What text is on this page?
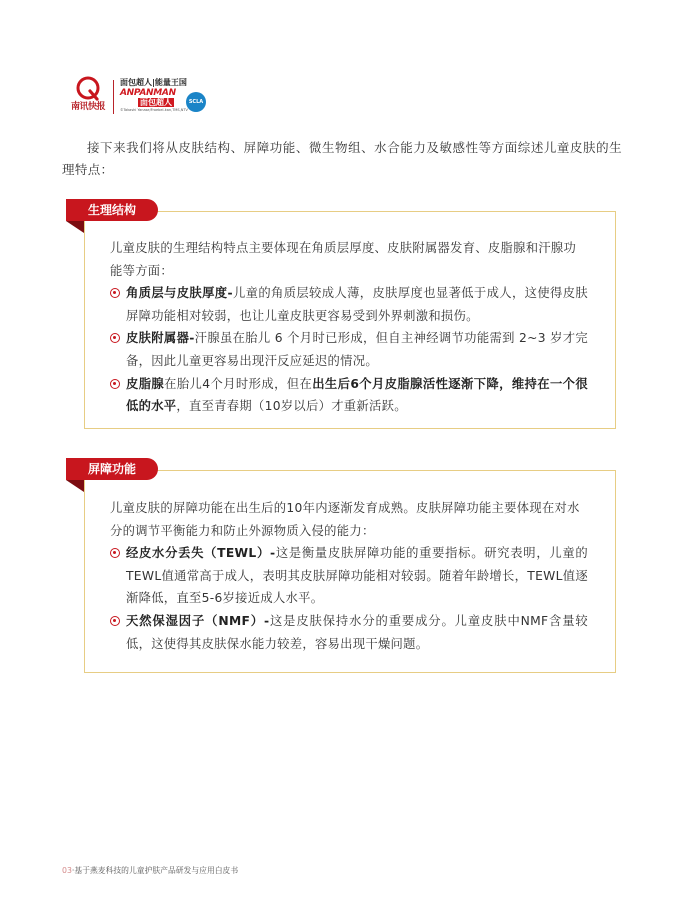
南讯快报
面包超人|能量王国
ANPANMAN
面包超人
©Takashi Yanase/Froebel-kan,TMS,NTV
SCLA

接下来我们将从皮肤结构、屏障功能、微生物组、水合能力及敏感性等方面综述儿童皮肤的生理特点：

生理结构

儿童皮肤的生理结构特点主要体现在角质层厚度、皮肤附属器发育、皮脂腺和汗腺功能等方面：

角质层与皮肤厚度-儿童的角质层较成人薄，皮肤厚度也显著低于成人，这使得皮肤屏障功能相对较弱，也让儿童皮肤更容易受到外界刺激和损伤。
皮肤附属器-汗腺虽在胎儿 6 个月时已形成，但自主神经调节功能需到 2~3 岁才完备，因此儿童更容易出现汗反应延迟的情况。
皮脂腺在胎儿4个月时形成，但在出生后6个月皮脂腺活性逐渐下降，维持在一个很低的水平，直至青春期（10岁以后）才重新活跃。
屏障功能

儿童皮肤的屏障功能在出生后的10年内逐渐发育成熟。皮肤屏障功能主要体现在对水分的调节平衡能力和防止外源物质入侵的能力：

经皮水分丢失（TEWL）-这是衡量皮肤屏障功能的重要指标。研究表明，儿童的TEWL值通常高于成人，表明其皮肤屏障功能相对较弱。随着年龄增长，TEWL值逐渐降低，直至5-6岁接近成人水平。
天然保湿因子（NMF）-这是皮肤保持水分的重要成分。儿童皮肤中NMF含量较低，这使得其皮肤保水能力较差，容易出现干燥问题。
03·基于燕麦科技的儿童护肤产品研发与应用白皮书
